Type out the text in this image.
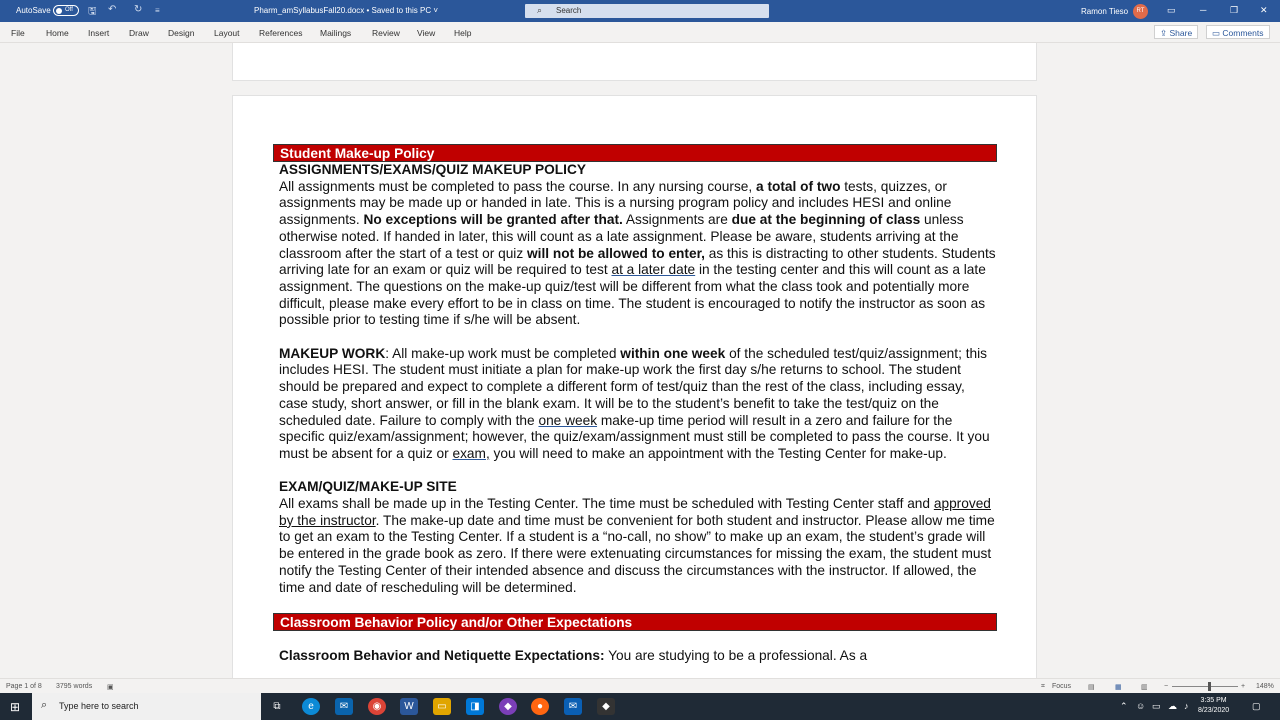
AutoSave Off 🖫 ↶ ↻ ≡	Pharm_amSyllabusFall20.docx • Saved to this PC ˅	⌕ Search	Ramon Tieso	RT	▭	─	❐ ✕
File	Home Insert Draw Design Layout References Mailings Review View Help	⇪ Share	▭ Comments
Student Make-up Policy
ASSIGNMENTS/EXAMS/QUIZ MAKEUP POLICY
All assignments must be completed to pass the course. In any nursing course, a total of two tests, quizzes, or assignments may be made up or handed in late. This is a nursing program policy and includes HESI and online assignments. No exceptions will be granted after that. Assignments are due at the beginning of class unless otherwise noted. If handed in later, this will count as a late assignment. Please be aware, students arriving at the classroom after the start of a test or quiz will not be allowed to enter, as this is distracting to other students. Students arriving late for an exam or quiz will be required to test at a later date in the testing center and this will count as a late assignment. The questions on the make-up quiz/test will be different from what the class took and potentially more difficult, please make every effort to be in class on time. The student is encouraged to notify the instructor as soon as possible prior to testing time if s/he will be absent.
MAKEUP WORK: All make-up work must be completed within one week of the scheduled test/quiz/assignment; this includes HESI. The student must initiate a plan for make-up work the first day s/he returns to school. The student should be prepared and expect to complete a different form of test/quiz than the rest of the class, including essay, case study, short answer, or fill in the blank exam. It will be to the student’s benefit to take the test/quiz on the scheduled date. Failure to comply with the one week make-up time period will result in a zero and failure for the specific quiz/exam/assignment; however, the quiz/exam/assignment must still be completed to pass the course. It you must be absent for a quiz or exam, you will need to make an appointment with the Testing Center for make-up.
EXAM/QUIZ/MAKE-UP SITE
All exams shall be made up in the Testing Center. The time must be scheduled with Testing Center staff and approved by the instructor. The make-up date and time must be convenient for both student and instructor. Please allow me time to get an exam to the Testing Center. If a student is a “no-call, no show” to make up an exam, the student’s grade will be entered in the grade book as zero. If there were extenuating circumstances for missing the exam, the student must notify the Testing Center of their intended absence and discuss the circumstances with the instructor. If allowed, the time and date of rescheduling will be determined.
Classroom Behavior Policy and/or Other Expectations
Classroom Behavior and Netiquette Expectations: You are studying to be a professional. As a
Page 1 of 8 3795 words ▣	⌗ Focus ▤	▦	▥ −	+ 148%
⊞ ⌕ Type here to search	⧉	e	✉	◉	W	▭	◨	◆	●	✉	◆	⌃ ☺ ▭ ☁ ♪
3:35 PM
8/23/2020	▢
